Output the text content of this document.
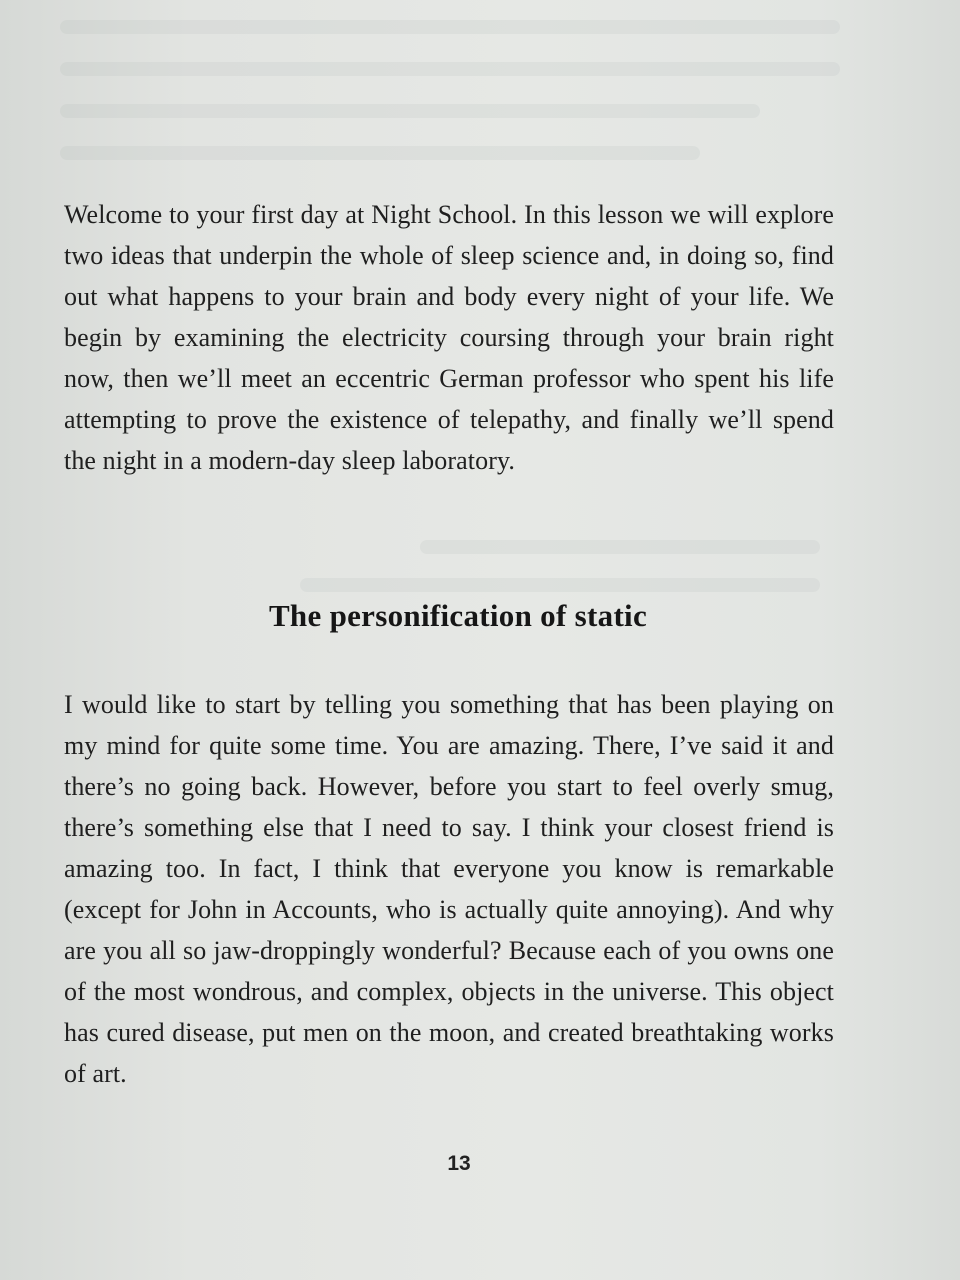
Welcome to your first day at Night School. In this lesson we will explore two ideas that underpin the whole of sleep science and, in doing so, find out what happens to your brain and body every night of your life. We begin by examining the electricity coursing through your brain right now, then we’ll meet an eccentric German professor who spent his life attempting to prove the existence of telepathy, and finally we’ll spend the night in a modern-day sleep laboratory.

The personification of static

I would like to start by telling you something that has been playing on my mind for quite some time. You are amazing. There, I’ve said it and there’s no going back. However, before you start to feel overly smug, there’s something else that I need to say. I think your closest friend is amazing too. In fact, I think that everyone you know is remarkable (except for John in Accounts, who is actually quite annoying). And why are you all so jaw-droppingly wonderful? Because each of you owns one of the most wondrous, and complex, objects in the universe. This object has cured disease, put men on the moon, and created breathtaking works of art.

13
